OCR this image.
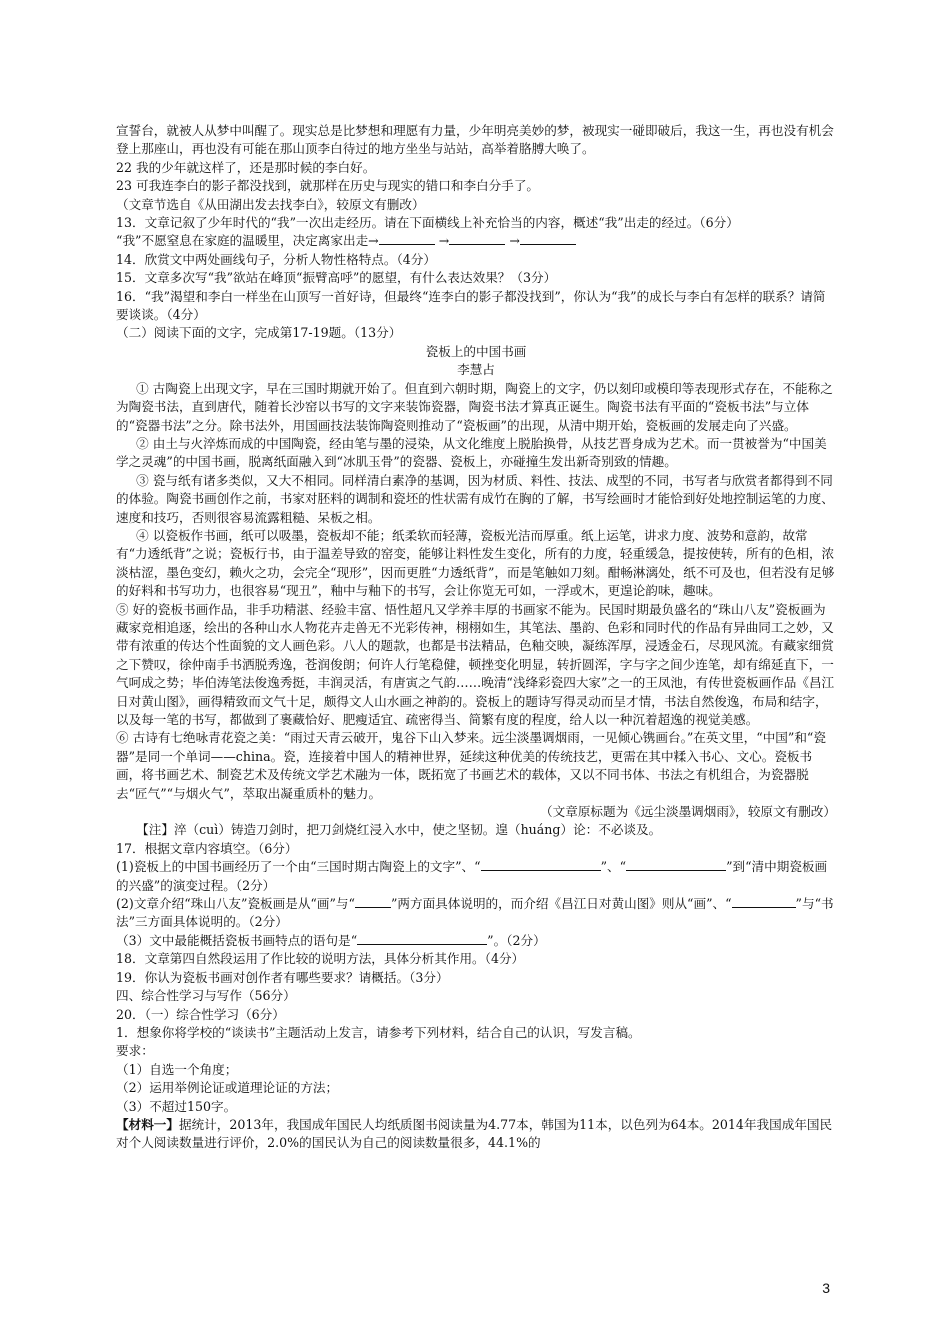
宣誓台，就被人从梦中叫醒了。现实总是比梦想和理愿有力量，少年明亮美妙的梦，被现实一碰即破后，我这一生，再也没有机会登上那座山，再也没有可能在那山顶李白待过的地方坐坐与站站，高举着胳膊大唤了。

22 我的少年就这样了，还是那时候的李白好。

23 可我连李白的影子都没找到，就那样在历史与现实的错口和李白分手了。

（文章节选自《从田湖出发去找李白》，较原文有删改）

13．文章记叙了少年时代的“我”一次出走经历。请在下面横线上补充恰当的内容，概述“我”出走的经过。（6分）

“我”不愿窒息在家庭的温暖里，决定离家出走→	→	→

14．欣赏文中两处画线句子，分析人物性格特点。（4分）

15．文章多次写“我”欲站在峰顶“振臂高呼”的愿望，有什么表达效果？（3分）

16．“我”渴望和李白一样坐在山顶写一首好诗，但最终“连李白的影子都没找到”，你认为“我”的成长与李白有怎样的联系？请简要谈谈。（4分）

（二）阅读下面的文字，完成第17-19题。（13分）

瓷板上的中国书画

李慧占

① 古陶瓷上出现文字，早在三国时期就开始了。但直到六朝时期，陶瓷上的文字，仍以刻印或模印等表现形式存在，不能称之为陶瓷书法，直到唐代，随着长沙窑以书写的文字来装饰瓷器，陶瓷书法才算真正诞生。陶瓷书法有平面的“瓷板书法”与立体的“瓷器书法”之分。除书法外，用国画技法装饰陶瓷则推动了“瓷板画”的出现，从清中期开始，瓷板画的发展走向了兴盛。

② 由土与火淬炼而成的中国陶瓷，经由笔与墨的浸染，从文化维度上脱胎换骨，从技艺晋身成为艺术。而一贯被誉为“中国美学之灵魂”的中国书画，脱离纸面融入到“冰肌玉骨”的瓷器、瓷板上，亦碰撞生发出新奇别致的情趣。

③ 瓷与纸有诸多类似，又大不相同。同样清白素净的基调，因为材质、料性、技法、成型的不同，书写者与欣赏者都得到不同的体验。陶瓷书画创作之前，书家对胚料的调制和瓷坯的性状需有成竹在胸的了解，书写绘画时才能恰到好处地控制运笔的力度、速度和技巧，否则很容易流露粗糙、呆板之相。

④ 以瓷板作书画，纸可以吸墨，瓷板却不能；纸柔软而轻薄，瓷板光洁而厚重。纸上运笔，讲求力度、波势和意韵，故常有“力透纸背”之说；瓷板行书，由于温差导致的窑变，能够让料性发生变化，所有的力度，轻重缓急，提按使转，所有的色相，浓淡枯涩，墨色变幻，赖火之功，会完全“现形”，因而更胜“力透纸背”，而是笔触如刀刻。酣畅淋漓处，纸不可及也，但若没有足够的好料和书写功力，也很容易“现丑”，釉中与釉下的书写，会让你览无可如，一浮或木，更遑论韵味，趣味。

⑤ 好的瓷板书画作品，非手功精湛、经验丰富、悟性超凡又学养丰厚的书画家不能为。民国时期最负盛名的“珠山八友”瓷板画为藏家竞相追逐，绘出的各种山水人物花卉走兽无不光彩传神，栩栩如生，其笔法、墨韵、色彩和同时代的作品有异曲同工之妙，又带有浓重的传达个性面貌的文人画色彩。八人的题款，也都是书法精品，色釉交映，凝练浑厚，浸透金石，尽现风流。有藏家细赏之下赞叹，徐仲南手书洒脱秀逸，苍润俊朗；何许人行笔稳健，顿挫变化明显，转折圆浑，字与字之间少连笔，却有绵延直下，一气呵成之势；毕伯涛笔法俊逸秀挺，丰润灵活，有唐寅之气韵……晚清“浅绛彩瓷四大家”之一的王凤池，有传世瓷板画作品《昌江日对黄山图》，画得精致而文气十足，颇得文人山水画之神韵的。瓷板上的题诗写得灵动而呈才情，书法自然俊逸，布局和结字，以及每一笔的书写，都做到了裹藏恰好、肥瘦适宜、疏密得当、简繁有度的程度，给人以一种沉着超逸的视觉美感。

⑥ 古诗有七绝咏青花瓷之美：“雨过天青云破开，鬼谷下山入梦来。远尘淡墨调烟雨，一见倾心镌画台。”在英文里，“中国”和“瓷器”是同一个单词——china。瓷，连接着中国人的精神世界，延续这种优美的传统技艺，更需在其中糅入书心、文心。瓷板书画，将书画艺术、制瓷艺术及传统文学艺术融为一体，既拓宽了书画艺术的载体，又以不同书体、书法之有机组合，为瓷器脱去“匠气”“与烟火气”，萃取出凝重质朴的魅力。

（文章原标题为《远尘淡墨调烟雨》，较原文有删改）

【注】淬（cuì）铸造刀剑时，把刀剑烧红浸入水中，使之坚韧。遑（huáng）论：不必谈及。

17．根据文章内容填空。（6分）

(1)瓷板上的中国书画经历了一个由“三国时期古陶瓷上的文字”、“	”、“	”到“清中期瓷板画的兴盛”的演变过程。（2分）

(2)文章介绍“珠山八友”瓷板画是从“画”与“	”两方面具体说明的，而介绍《昌江日对黄山图》则从“画”、“	”与“书法”三方面具体说明的。（2分）

（3）文中最能概括瓷板书画特点的语句是“	”。（2分）

18．文章第四自然段运用了作比较的说明方法，具体分析其作用。（4分）

19．你认为瓷板书画对创作者有哪些要求？请概括。（3分）

四、综合性学习与写作（56分）

20．（一）综合性学习（6分）

1．想象你将学校的“谈读书”主题活动上发言，请参考下列材料，结合自己的认识，写发言稿。

要求：

（1）自选一个角度；

（2）运用举例论证或道理论证的方法；

（3）不超过150字。

【材料一】据统计，2013年，我国成年国民人均纸质图书阅读量为4.77本，韩国为11本，以色列为64本。2014年我国成年国民对个人阅读数量进行评价，2.0%的国民认为自己的阅读数量很多，44.1%的

3
